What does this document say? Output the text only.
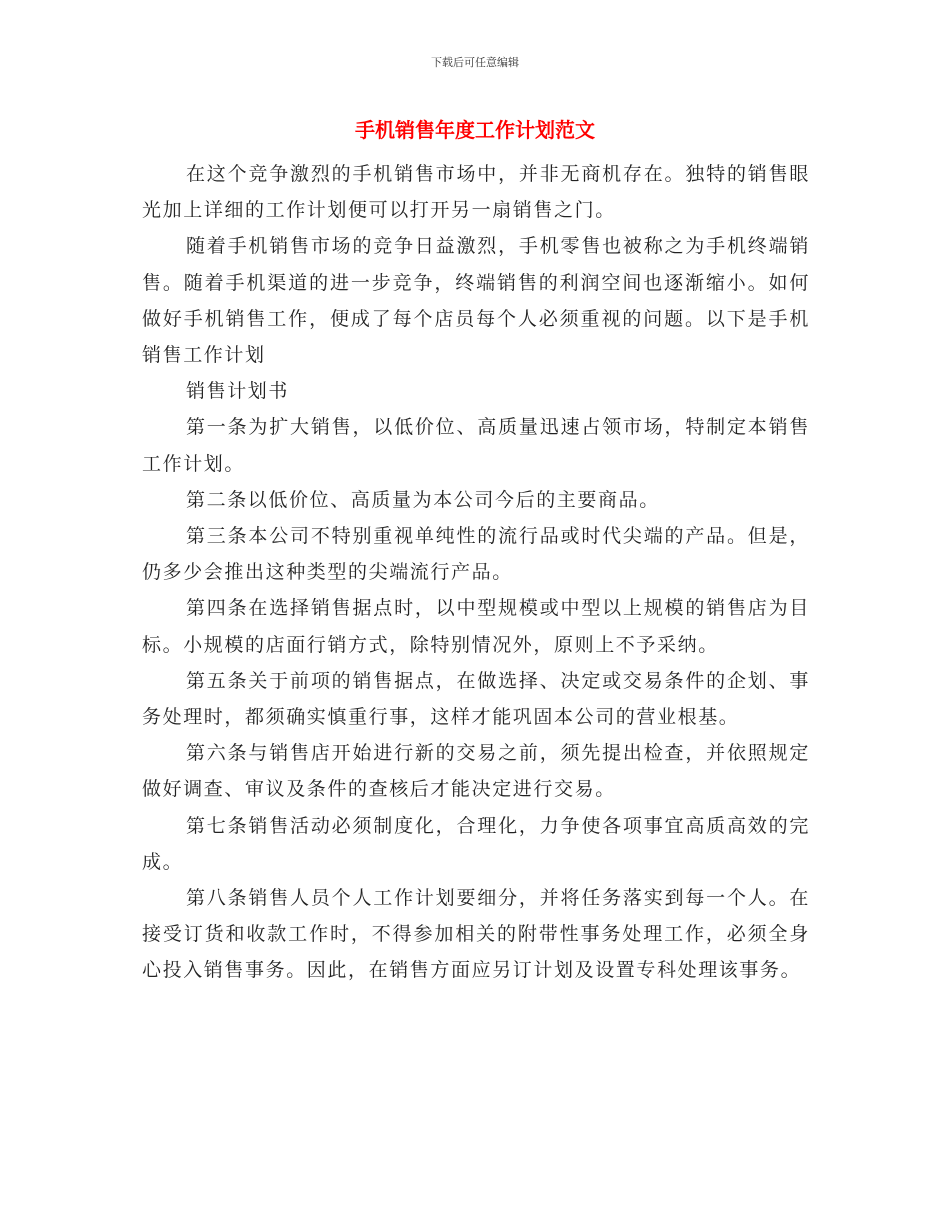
下载后可任意编辑
手机销售年度工作计划范文

在这个竞争激烈的手机销售市场中，并非无商机存在。独特的销售眼光加上详细的工作计划便可以打开另一扇销售之门。

随着手机销售市场的竞争日益激烈，手机零售也被称之为手机终端销售。随着手机渠道的进一步竞争，终端销售的利润空间也逐渐缩小。如何做好手机销售工作，便成了每个店员每个人必须重视的问题。以下是手机销售工作计划

销售计划书

第一条为扩大销售，以低价位、高质量迅速占领市场，特制定本销售工作计划。

第二条以低价位、高质量为本公司今后的主要商品。

第三条本公司不特别重视单纯性的流行品或时代尖端的产品。但是，仍多少会推出这种类型的尖端流行产品。

第四条在选择销售据点时，以中型规模或中型以上规模的销售店为目标。小规模的店面行销方式，除特别情况外，原则上不予采纳。

第五条关于前项的销售据点，在做选择、决定或交易条件的企划、事务处理时，都须确实慎重行事，这样才能巩固本公司的营业根基。

第六条与销售店开始进行新的交易之前，须先提出检查，并依照规定做好调查、审议及条件的查核后才能决定进行交易。

第七条销售活动必须制度化，合理化，力争使各项事宜高质高效的完成。

第八条销售人员个人工作计划要细分，并将任务落实到每一个人。在接受订货和收款工作时，不得参加相关的附带性事务处理工作，必须全身心投入销售事务。因此，在销售方面应另订计划及设置专科处理该事务。
